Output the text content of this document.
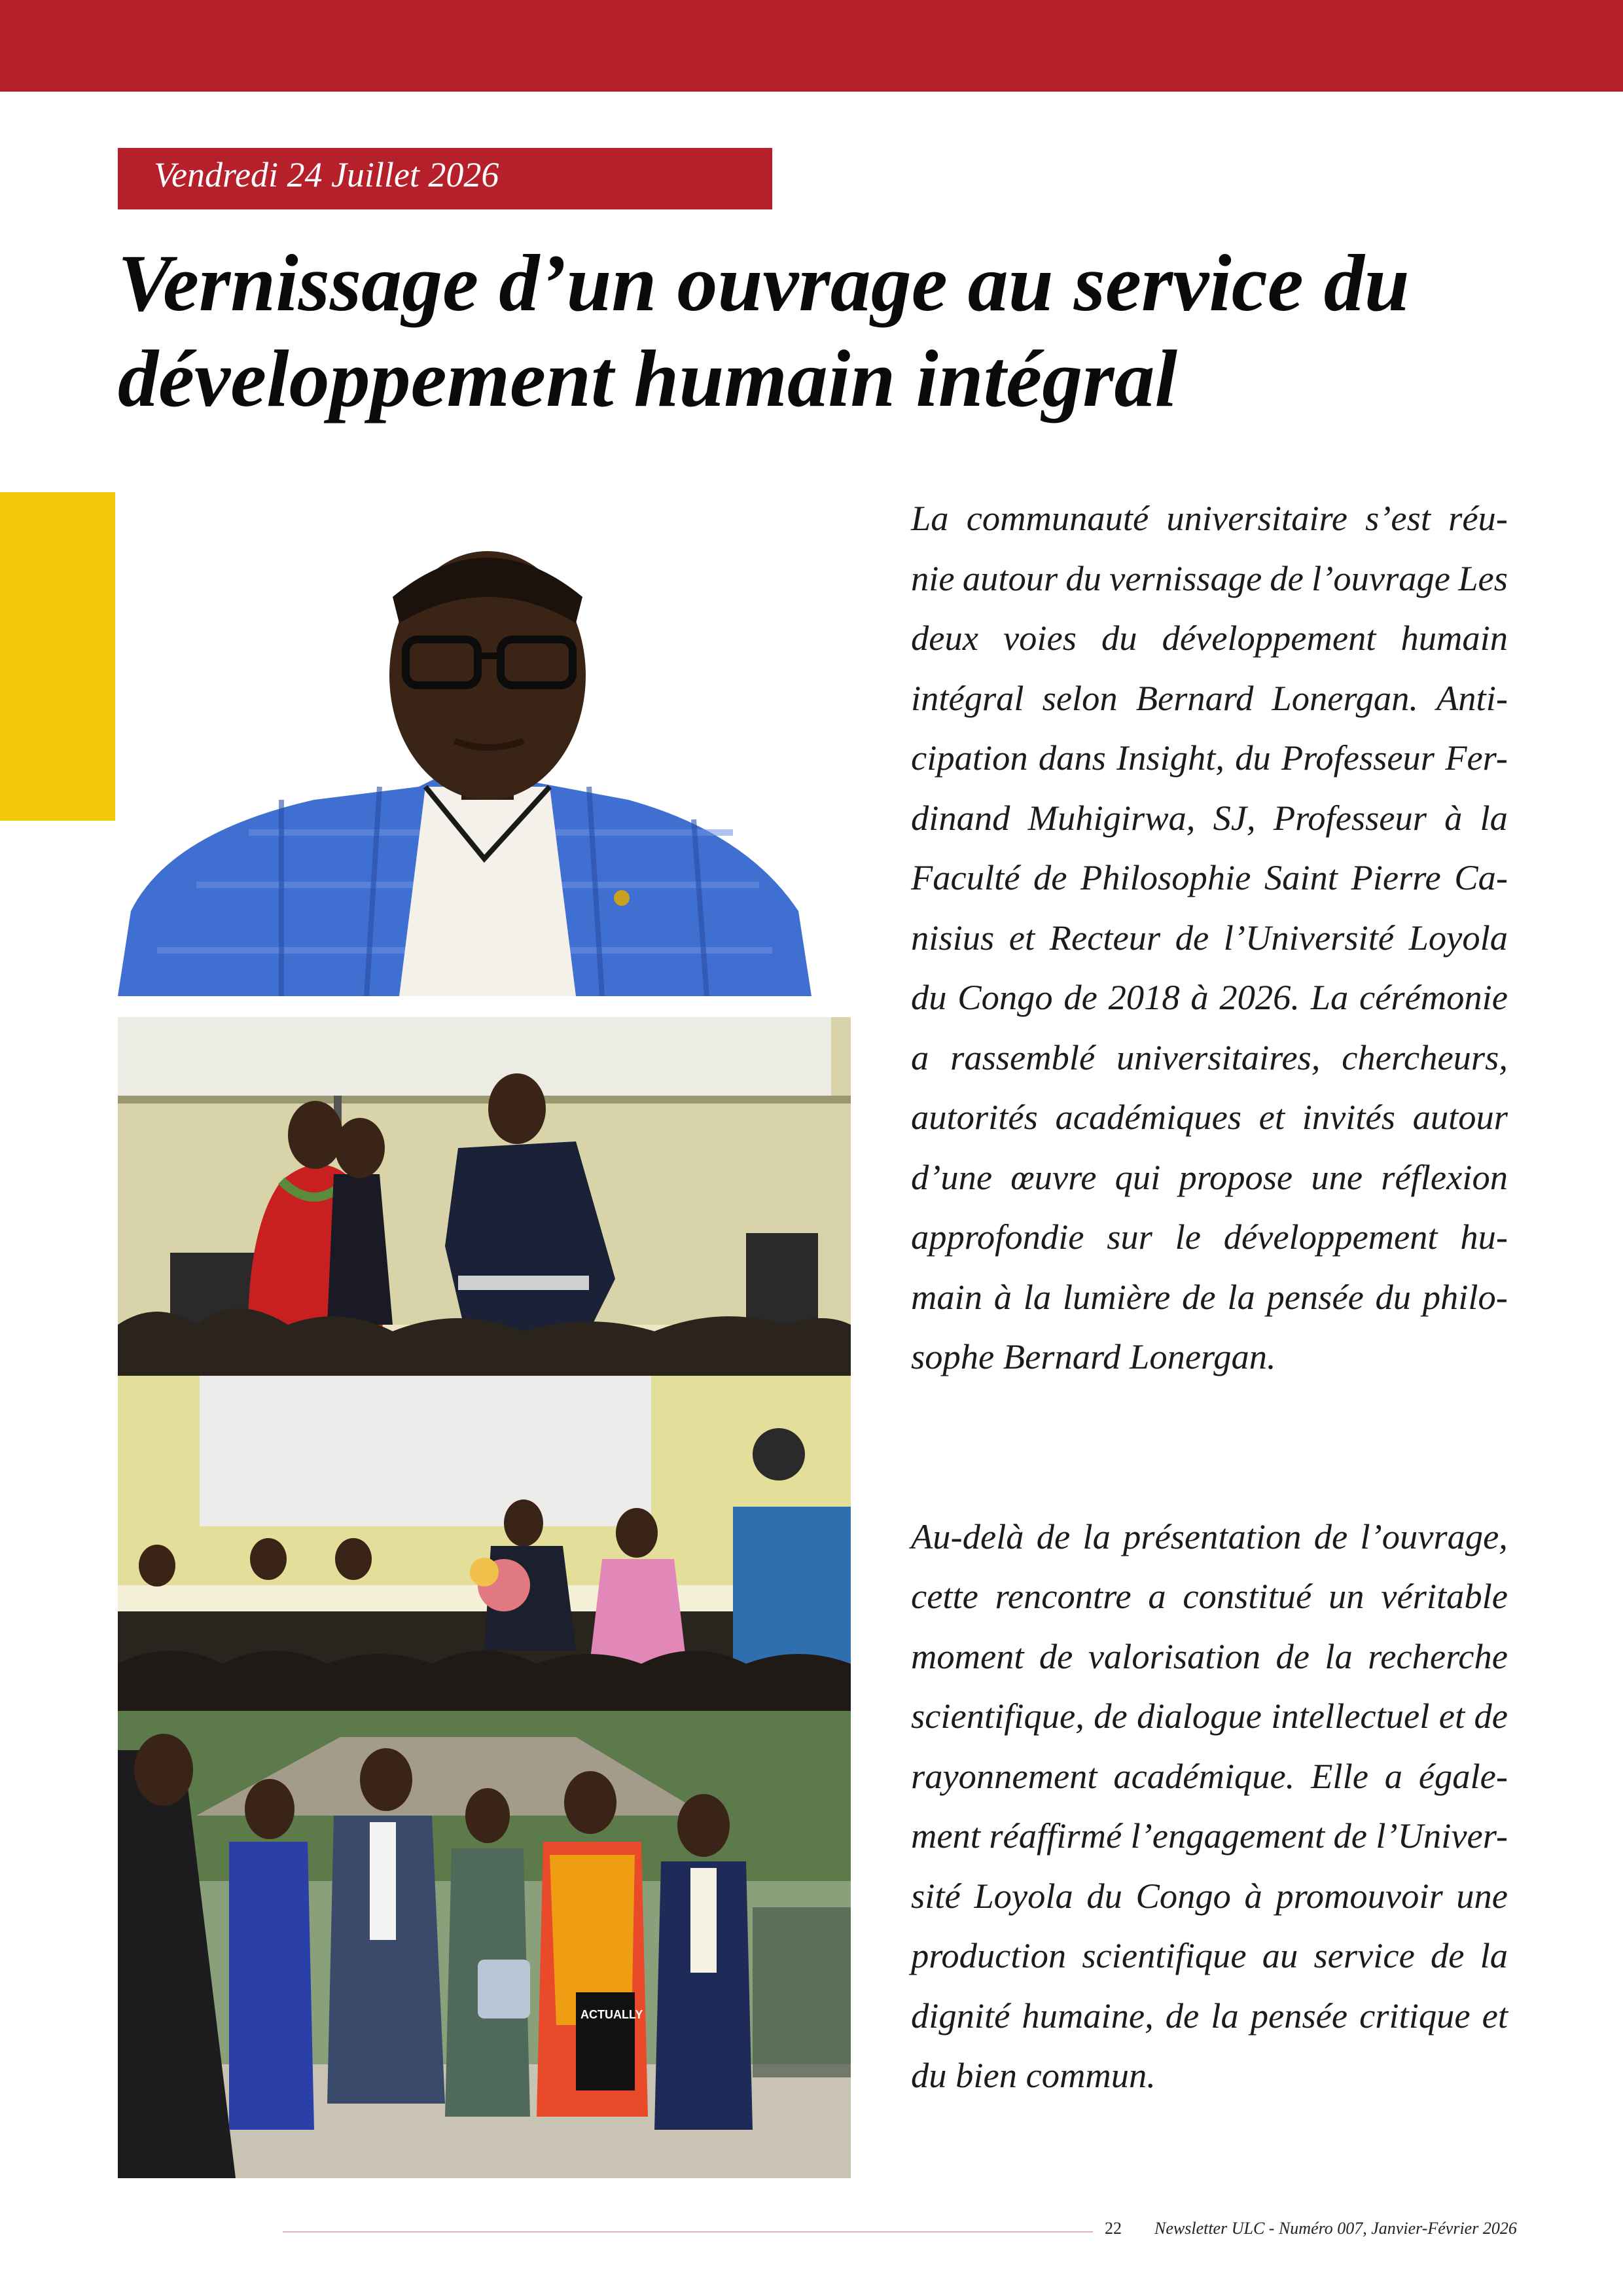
Vendredi 24 Juillet 2026
Vernissage d’un ouvrage au service du
développement humain intégral
ACTUALLY
La communauté universitaire s’est réu-
nie autour du vernissage de l’ouvrage Les
deux voies du développement humain
intégral selon Bernard Lonergan. Anti-
cipation dans Insight, du Professeur Fer-
dinand Muhigirwa, SJ, Professeur à la
Faculté de Philosophie Saint Pierre Ca-
nisius et Recteur de l’Université Loyola
du Congo de 2018 à 2026. La cérémonie
a rassemblé universitaires, chercheurs,
autorités académiques et invités autour
d’une œuvre qui propose une réflexion
approfondie sur le développement hu-
main à la lumière de la pensée du philo-
sophe Bernard Lonergan.
Au-delà de la présentation de l’ouvrage,
cette rencontre a constitué un véritable
moment de valorisation de la recherche
scientifique, de dialogue intellectuel et de
rayonnement académique. Elle a égale-
ment réaffirmé l’engagement de l’Univer-
sité Loyola du Congo à promouvoir une
production scientifique au service de la
dignité humaine, de la pensée critique et
du bien commun.
22 Newsletter ULC - Numéro 007, Janvier-Février 2026
